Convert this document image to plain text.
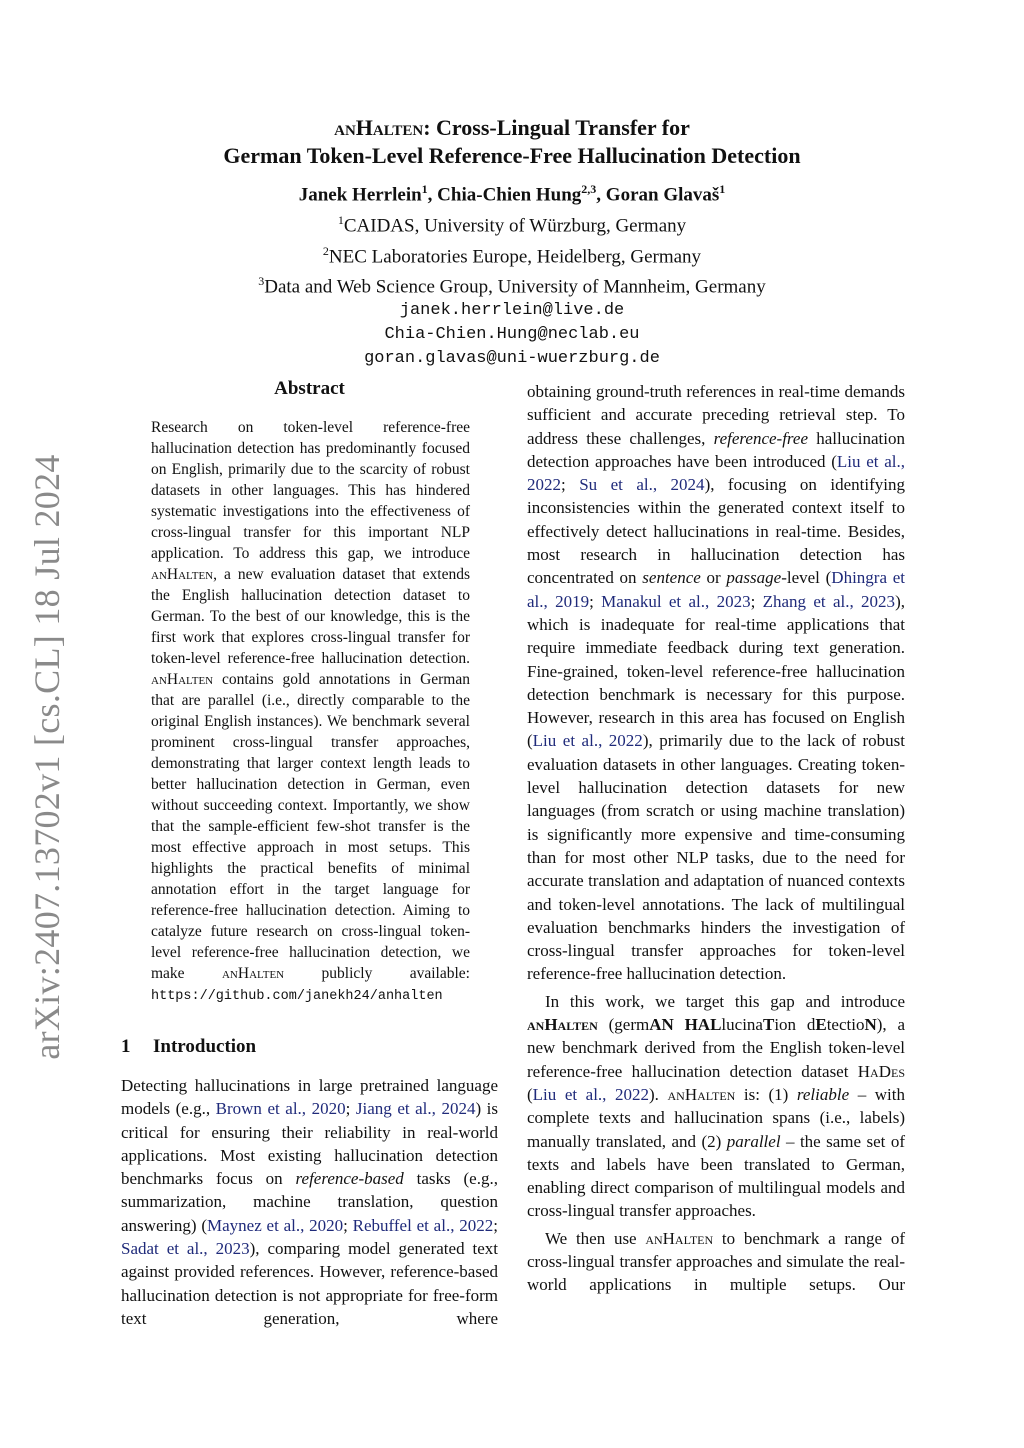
arXiv:2407.13702v1 [cs.CL] 18 Jul 2024
anHalten: Cross-Lingual Transfer for
German Token-Level Reference-Free Hallucination Detection
Janek Herrlein$^1$, Chia-Chien Hung$^{2,3}$, Goran Glavaš$^1$
$^1$CAIDAS, University of Würzburg, Germany
$^2$NEC Laboratories Europe, Heidelberg, Germany
$^3$Data and Web Science Group, University of Mannheim, Germany
janek.herrlein@live.de
Chia-Chien.Hung@neclab.eu
goran.glavas@uni-wuerzburg.de
Abstract
Research on token-level reference-free hallucination detection has predominantly focused on English, primarily due to the scarcity of robust datasets in other languages. This has hindered systematic investigations into the effectiveness of cross-lingual transfer for this important NLP application. To address this gap, we introduce anHalten, a new evaluation dataset that extends the English hallucination detection dataset to German. To the best of our knowledge, this is the first work that explores cross-lingual transfer for token-level reference-free hallucination detection. anHalten contains gold annotations in German that are parallel (i.e., directly comparable to the original English instances). We benchmark several prominent cross-lingual transfer approaches, demonstrating that larger context length leads to better hallucination detection in German, even without succeeding context. Importantly, we show that the sample-efficient few-shot transfer is the most effective approach in most setups. This highlights the practical benefits of minimal annotation effort in the target language for reference-free hallucination detection. Aiming to catalyze future research on cross-lingual token-level reference-free hallucination detection, we make anHalten publicly available: https://github.com/janekh24/anhalten
1 Introduction

Detecting hallucinations in large pretrained language models (e.g., Brown et al., 2020; Jiang et al., 2024) is critical for ensuring their reliability in real-world applications. Most existing hallucination detection benchmarks focus on reference-based tasks (e.g., summarization, machine translation, question answering) (Maynez et al., 2020; Rebuffel et al., 2022; Sadat et al., 2023), comparing model generated text against provided references. However, reference-based hallucination detection is not appropriate for free-form text generation, where

obtaining ground-truth references in real-time demands sufficient and accurate preceding retrieval step. To address these challenges, reference-free hallucination detection approaches have been introduced (Liu et al., 2022; Su et al., 2024), focusing on identifying inconsistencies within the generated context itself to effectively detect hallucinations in real-time. Besides, most research in hallucination detection has concentrated on sentence or passage-level (Dhingra et al., 2019; Manakul et al., 2023; Zhang et al., 2023), which is inadequate for real-time applications that require immediate feedback during text generation. Fine-grained, token-level reference-free hallucination detection benchmark is necessary for this purpose. However, research in this area has focused on English (Liu et al., 2022), primarily due to the lack of robust evaluation datasets in other languages. Creating token-level hallucination detection datasets for new languages (from scratch or using machine translation) is significantly more expensive and time-consuming than for most other NLP tasks, due to the need for accurate translation and adaptation of nuanced contexts and token-level annotations. The lack of multilingual evaluation benchmarks hinders the investigation of cross-lingual transfer approaches for token-level reference-free hallucination detection.

In this work, we target this gap and introduce anHalten (germAN HALlucinaTion dEtectioN), a new benchmark derived from the English token-level reference-free hallucination detection dataset HaDes (Liu et al., 2022). anHalten is: (1) reliable – with complete texts and hallucination spans (i.e., labels) manually translated, and (2) parallel – the same set of texts and labels have been translated to German, enabling direct comparison of multilingual models and cross-lingual transfer approaches.

We then use anHalten to benchmark a range of cross-lingual transfer approaches and simulate the real-world applications in multiple setups. Our
